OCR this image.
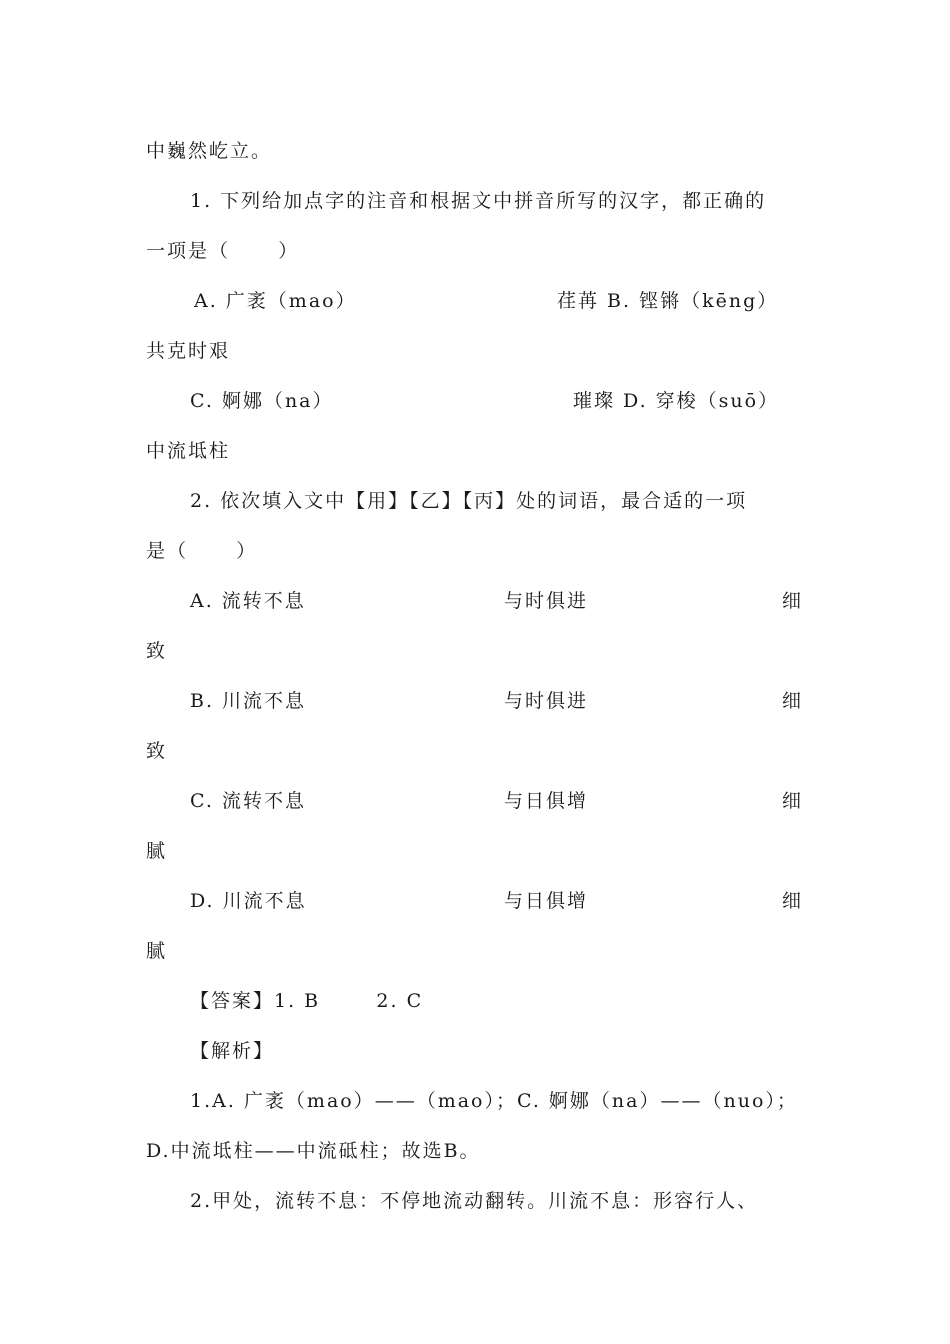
中巍然屹立。
1. 下列给加点字的注音和根据文中拼音所写的汉字，都正确的
一项是（      ）
A. 广袤（mao）	荏苒 B. 铿锵（kēng）
共克时艰
C. 婀娜（na）	璀璨 D. 穿梭（suō）
中流坻柱
2. 依次填入文中【用】【乙】【丙】处的词语，最合适的一项
是（      ）
A. 流转不息	与时俱进	细
致
B. 川流不息	与时俱进	细
致
C. 流转不息	与日俱增	细
腻
D. 川流不息	与日俱增	细
腻
【答案】1. B       2. C
【解析】
1.A. 广袤（mao）——（mao）；C. 婀娜（na）——（nuo）；
D.中流坻柱——中流砥柱；故选B。
2.甲处，流转不息：不停地流动翻转。川流不息：形容行人、
